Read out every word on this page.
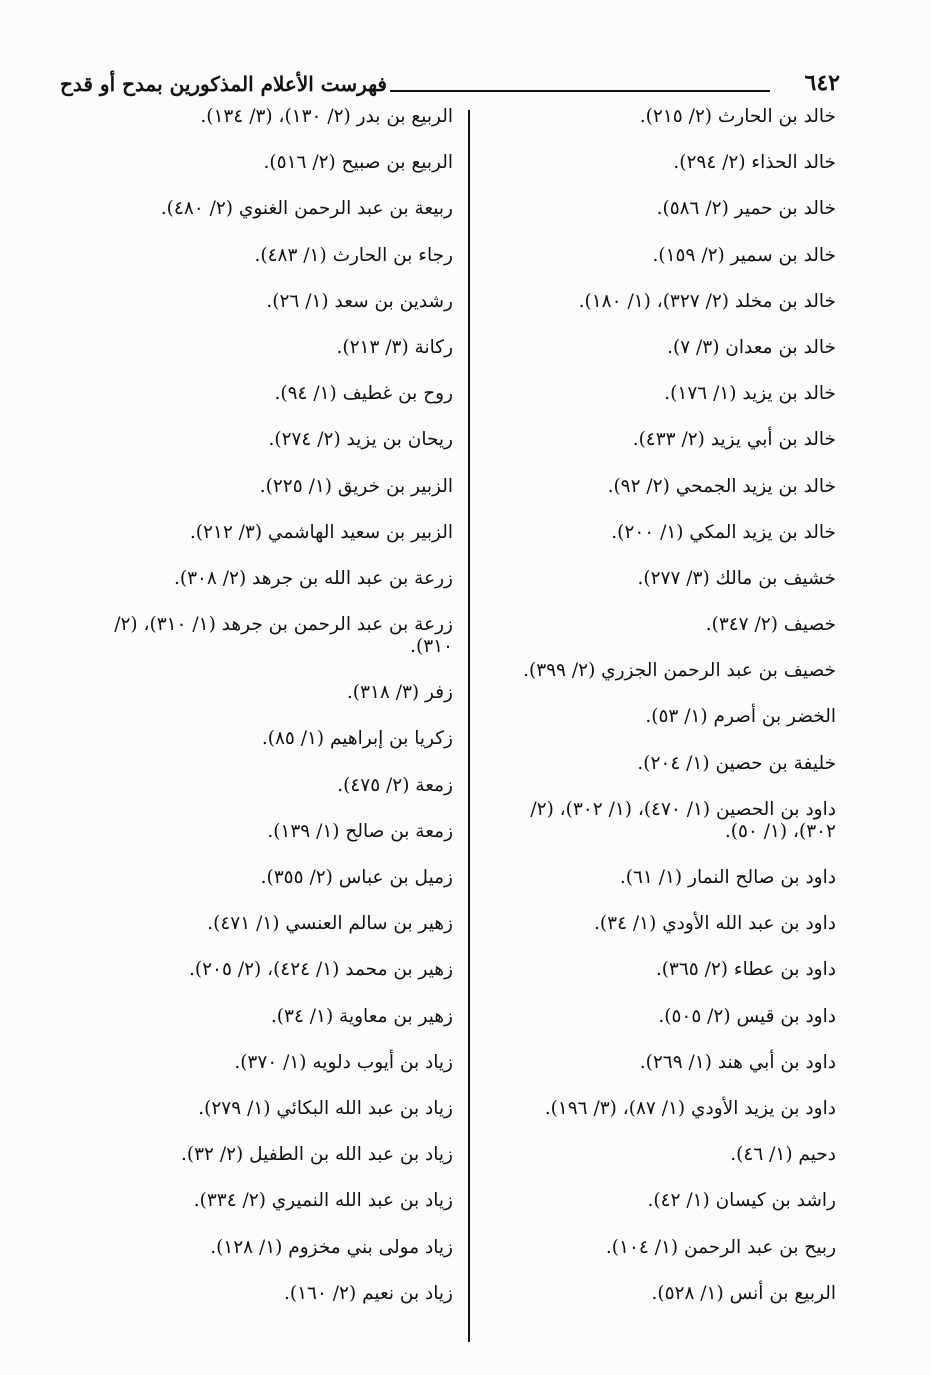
٦٤٢
فهرست الأعلام المذكورين بمدح أو قدح
خالد بن الحارث (٢/ ٢١٥).
خالد الحذاء (٢/ ٢٩٤).
خالد بن حمير (٢/ ٥٨٦).
خالد بن سمير (٢/ ١٥٩).
خالد بن مخلد (٢/ ٣٢٧)، (١/ ١٨٠).
خالد بن معدان (٣/ ٧).
خالد بن يزيد (١/ ١٧٦).
خالد بن أبي يزيد (٢/ ٤٣٣).
خالد بن يزيد الجمحي (٢/ ٩٢).
خالد بن يزيد المكي (١/ ٢٠٠).
خشيف بن مالك (٣/ ٢٧٧).
خصيف (٢/ ٣٤٧).
خصيف بن عبد الرحمن الجزري (٢/ ٣٩٩).
الخضر بن أصرم (١/ ٥٣).
خليفة بن حصين (١/ ٢٠٤).
داود بن الحصين (١/ ٤٧٠)، (١/ ٣٠٢)، (٢/ ٣٠٢)، (١/ ٥٠).
داود بن صالح النمار (١/ ٦١).
داود بن عبد الله الأودي (١/ ٣٤).
داود بن عطاء (٢/ ٣٦٥).
داود بن قيس (٢/ ٥٠٥).
داود بن أبي هند (١/ ٢٦٩).
داود بن يزيد الأودي (١/ ٨٧)، (٣/ ١٩٦).
دحيم (١/ ٤٦).
راشد بن كيسان (١/ ٤٢).
ربيح بن عبد الرحمن (١/ ١٠٤).
الربيع بن أنس (١/ ٥٢٨).
الربيع بن بدر (٢/ ١٣٠)، (٣/ ١٣٤).
الربيع بن صبيح (٢/ ٥١٦).
ربيعة بن عبد الرحمن الغنوي (٢/ ٤٨٠).
رجاء بن الحارث (١/ ٤٨٣).
رشدين بن سعد (١/ ٢٦).
ركانة (٣/ ٢١٣).
روح بن غطيف (١/ ٩٤).
ريحان بن يزيد (٢/ ٢٧٤).
الزبير بن خريق (١/ ٢٢٥).
الزبير بن سعيد الهاشمي (٣/ ٢١٢).
زرعة بن عبد الله بن جرهد (٢/ ٣٠٨).
زرعة بن عبد الرحمن بن جرهد (١/ ٣١٠)، (٢/ ٣١٠).
زفر (٣/ ٣١٨).
زكريا بن إبراهيم (١/ ٨٥).
زمعة (٢/ ٤٧٥).
زمعة بن صالح (١/ ١٣٩).
زميل بن عباس (٢/ ٣٥٥).
زهير بن سالم العنسي (١/ ٤٧١).
زهير بن محمد (١/ ٤٢٤)، (٢/ ٢٠٥).
زهير بن معاوية (١/ ٣٤).
زياد بن أيوب دلويه (١/ ٣٧٠).
زياد بن عبد الله البكائي (١/ ٢٧٩).
زياد بن عبد الله بن الطفيل (٢/ ٣٢).
زياد بن عبد الله النميري (٢/ ٣٣٤).
زياد مولى بني مخزوم (١/ ١٢٨).
زياد بن نعيم (٢/ ١٦٠).
